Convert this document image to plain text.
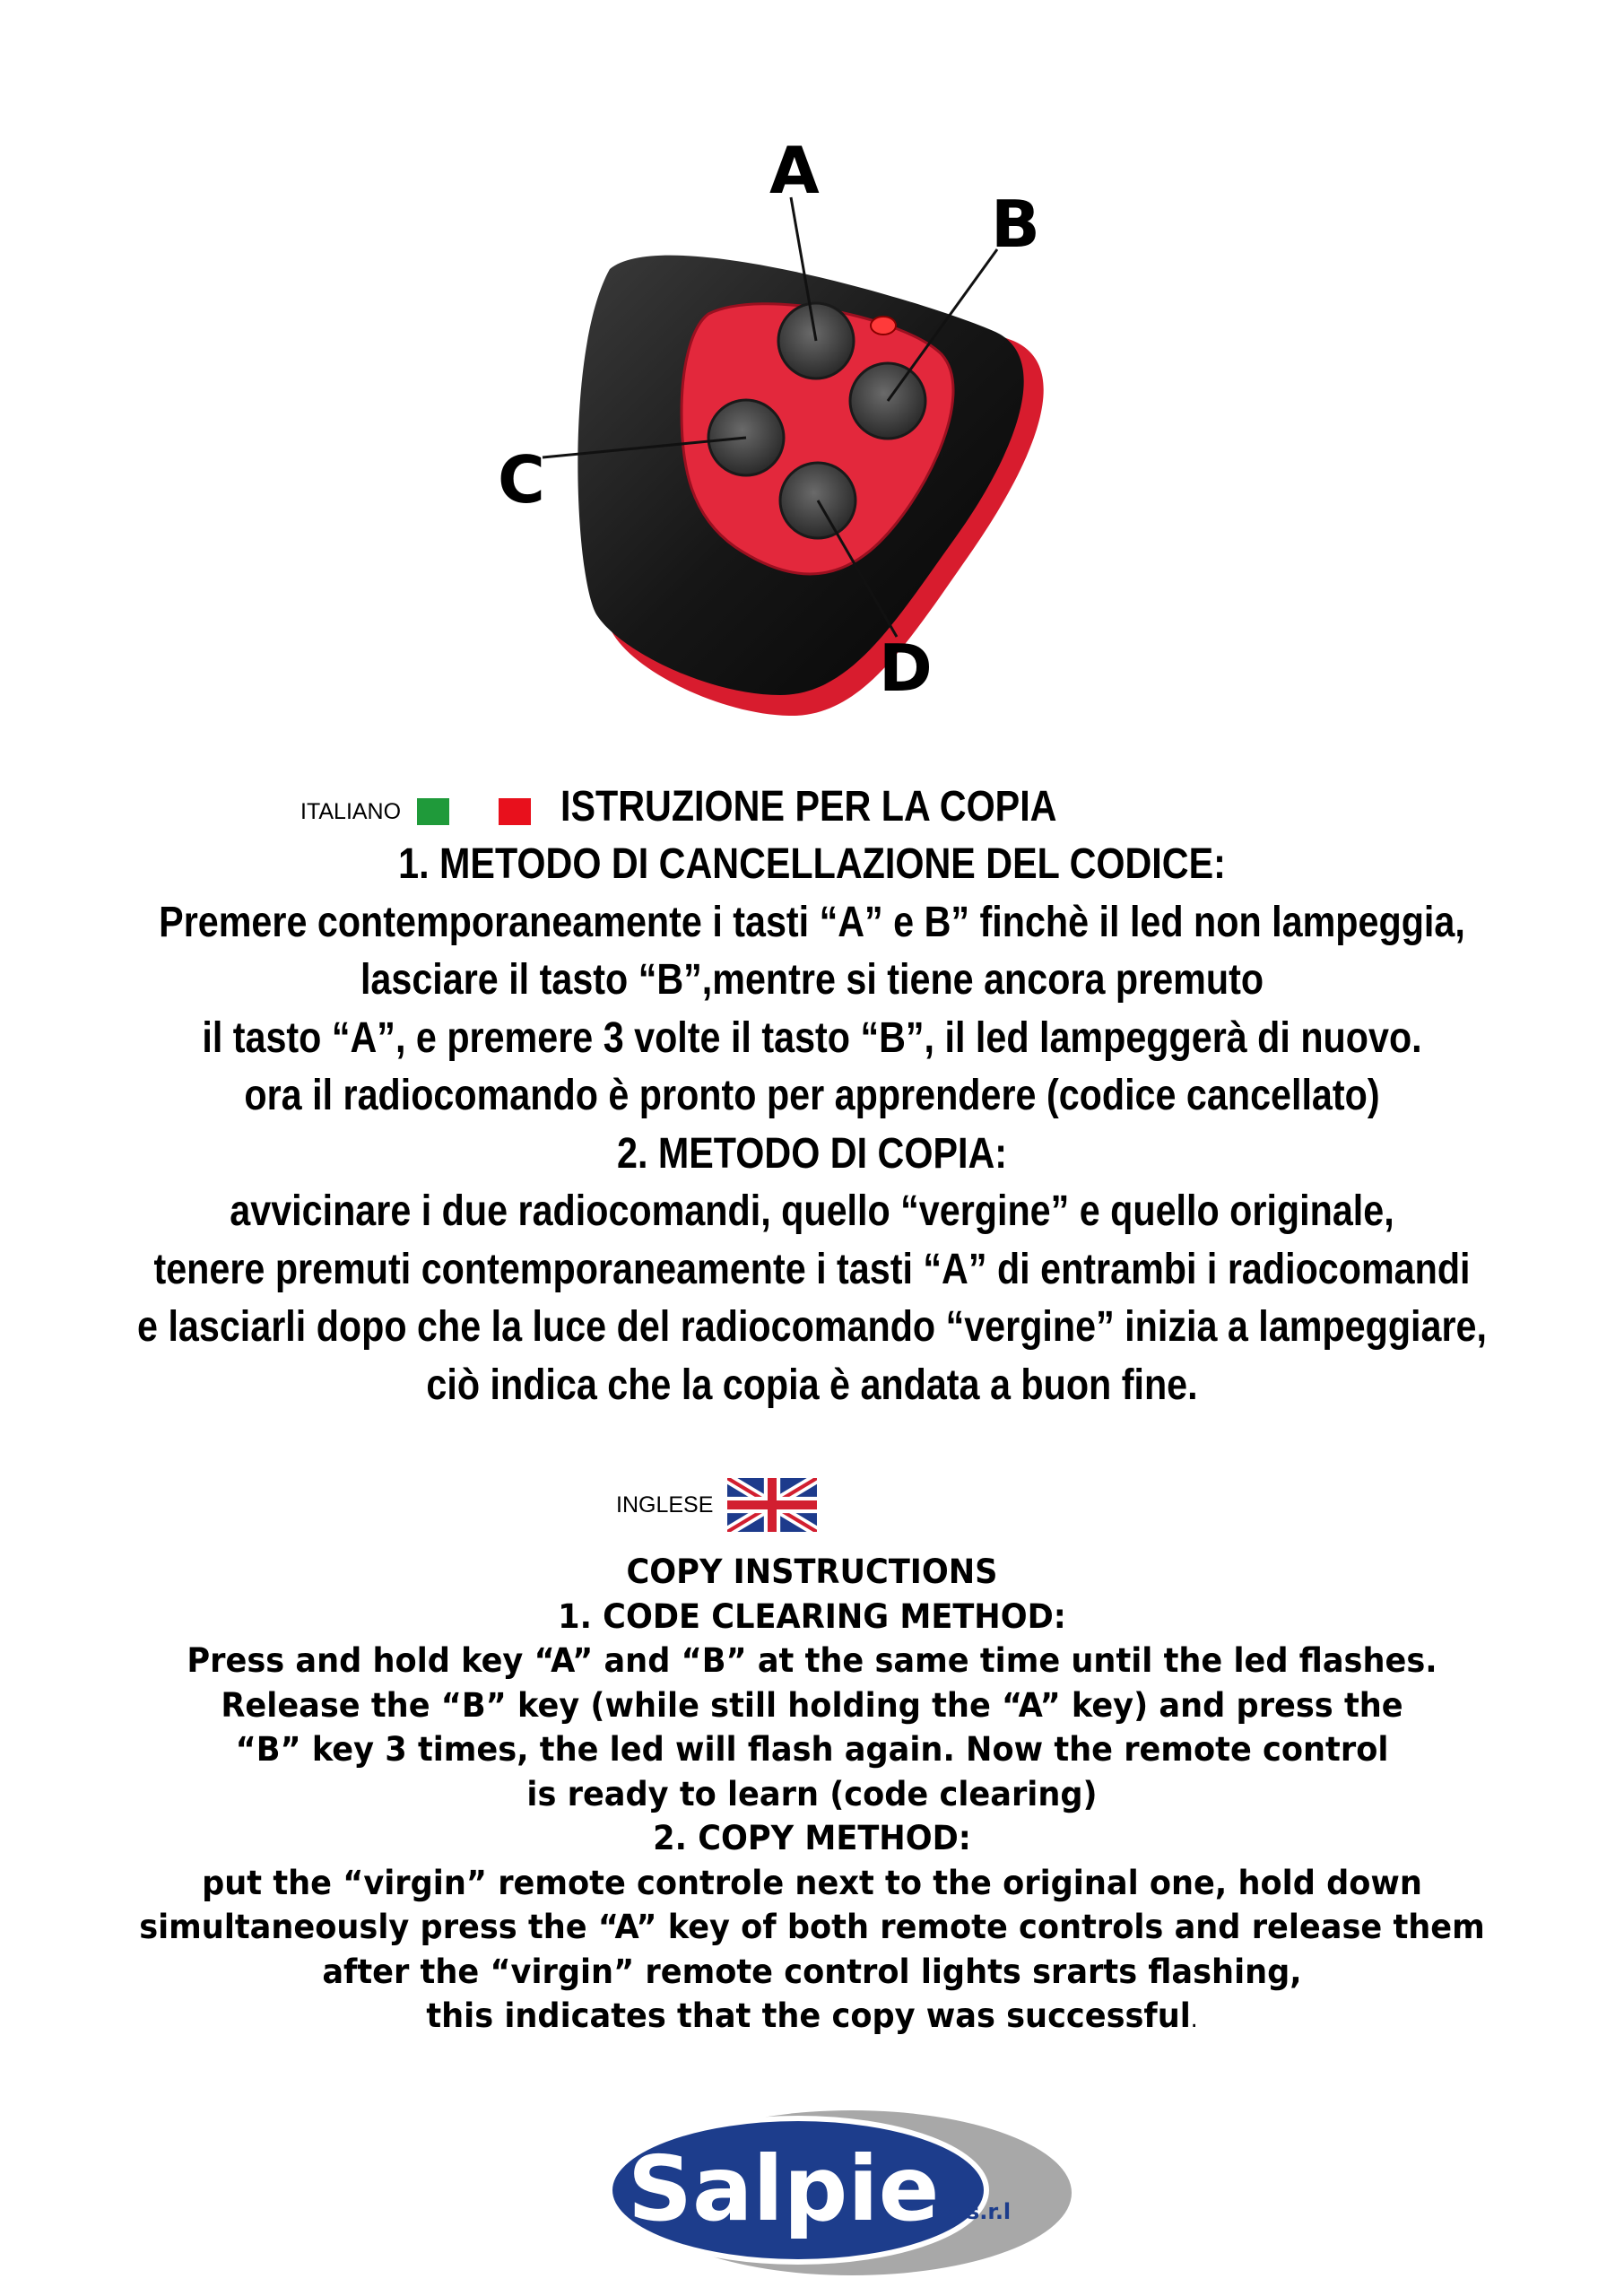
A
B
C
D
ITALIANO	ISTRUZIONE PER LA COPIA
1. METODO DI CANCELLAZIONE DEL CODICE:
Premere contemporaneamente i tasti “A” e B” finchè il led non lampeggia,
lasciare il tasto “B”,mentre si tiene ancora premuto
il tasto “A”, e premere 3 volte il tasto “B”, il led lampeggerà di nuovo.
ora il radiocomando è pronto per apprendere (codice cancellato)
2. METODO DI COPIA:
avvicinare i due radiocomandi, quello “vergine” e quello originale,
tenere premuti contemporaneamente i tasti “A” di entrambi i radiocomandi
e lasciarli dopo che la luce del radiocomando “vergine” inizia a lampeggiare,
ciò indica che la copia è andata a buon fine.
INGLESE
COPY INSTRUCTIONS
1. CODE CLEARING METHOD:
Press and hold key “A” and “B” at the same time until the led flashes.
Release the “B” key (while still holding the “A” key) and press the
“B” key 3 times, the led will flash again. Now the remote control
is ready to learn (code clearing)
2. COPY METHOD:
put the “virgin” remote controle next to the original one, hold down
simultaneously press the “A” key of both remote controls and release them
after the “virgin” remote control lights srarts flashing,
this indicates that the copy was successful.
Salpie s.r.l
